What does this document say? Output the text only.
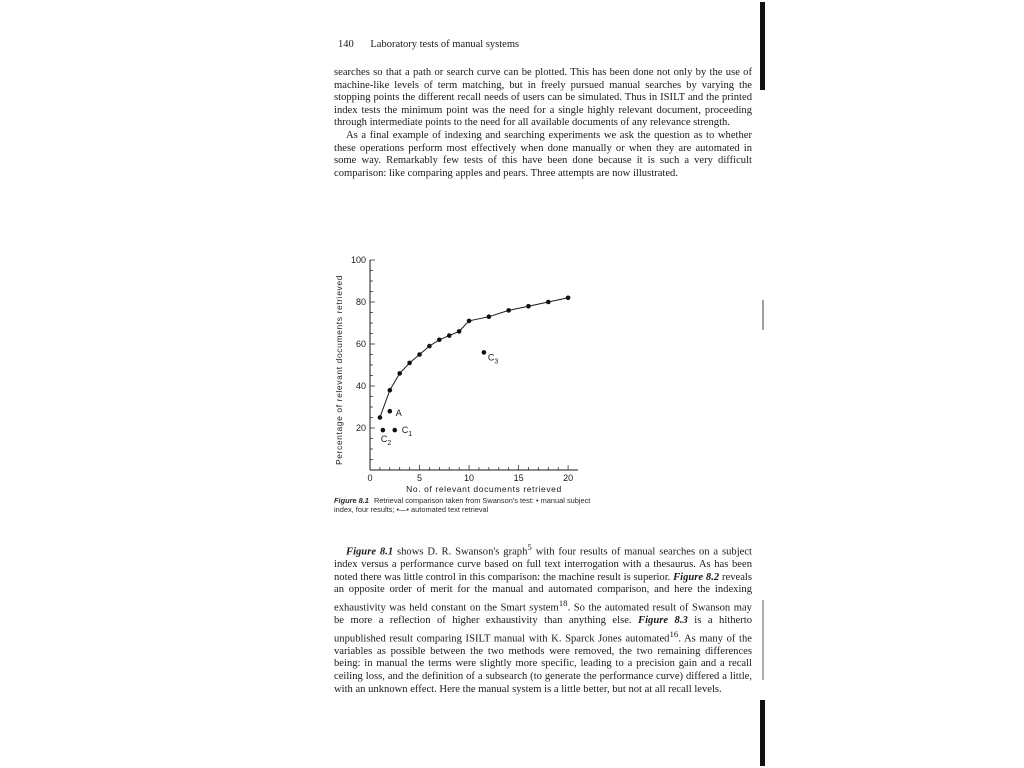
140 Laboratory tests of manual systems

searches so that a path or search curve can be plotted. This has been done not only by the use of machine-like levels of term matching, but in freely pursued manual searches by varying the stopping points the different recall needs of users can be simulated. Thus in ISILT and the printed index tests the minimum point was the need for a single highly relevant document, proceeding through intermediate points to the need for all available documents of any relevance strength.

As a final example of indexing and searching experiments we ask the question as to whether these operations perform most effectively when done manually or when they are automated in some way. Remarkably few tests of this have been done because it is such a very difficult comparison: like comparing apples and pears. Three attempts are now illustrated.

0	5	10	15	20
20
40
60
80
100
No. of relevant documents retrieved
Percentage of relevant documents retrieved	A
$C_1$
$C_2$
$C_3$
Figure 8.1 Retrieval comparison taken from Swanson's test: • manual subject index, four results; •—• automated text retrieval

Figure 8.1 shows D. R. Swanson's graph$^5$ with four results of manual searches on a subject index versus a performance curve based on full text interrogation with a thesaurus. As has been noted there was little control in this comparison: the machine result is superior. Figure 8.2 reveals an opposite order of merit for the manual and automated comparison, and here the indexing exhaustivity was held constant on the Smart system$^{18}$. So the automated result of Swanson may be more a reflection of higher exhaustivity than anything else. Figure 8.3 is a hitherto unpublished result comparing ISILT manual with K. Sparck Jones automated$^{16}$. As many of the variables as possible between the two methods were removed, the two remaining differences being: in manual the terms were slightly more specific, leading to a precision gain and a recall ceiling loss, and the definition of a subsearch (to generate the performance curve) differed a little, with an unknown effect. Here the manual system is a little better, but not at all recall levels.
